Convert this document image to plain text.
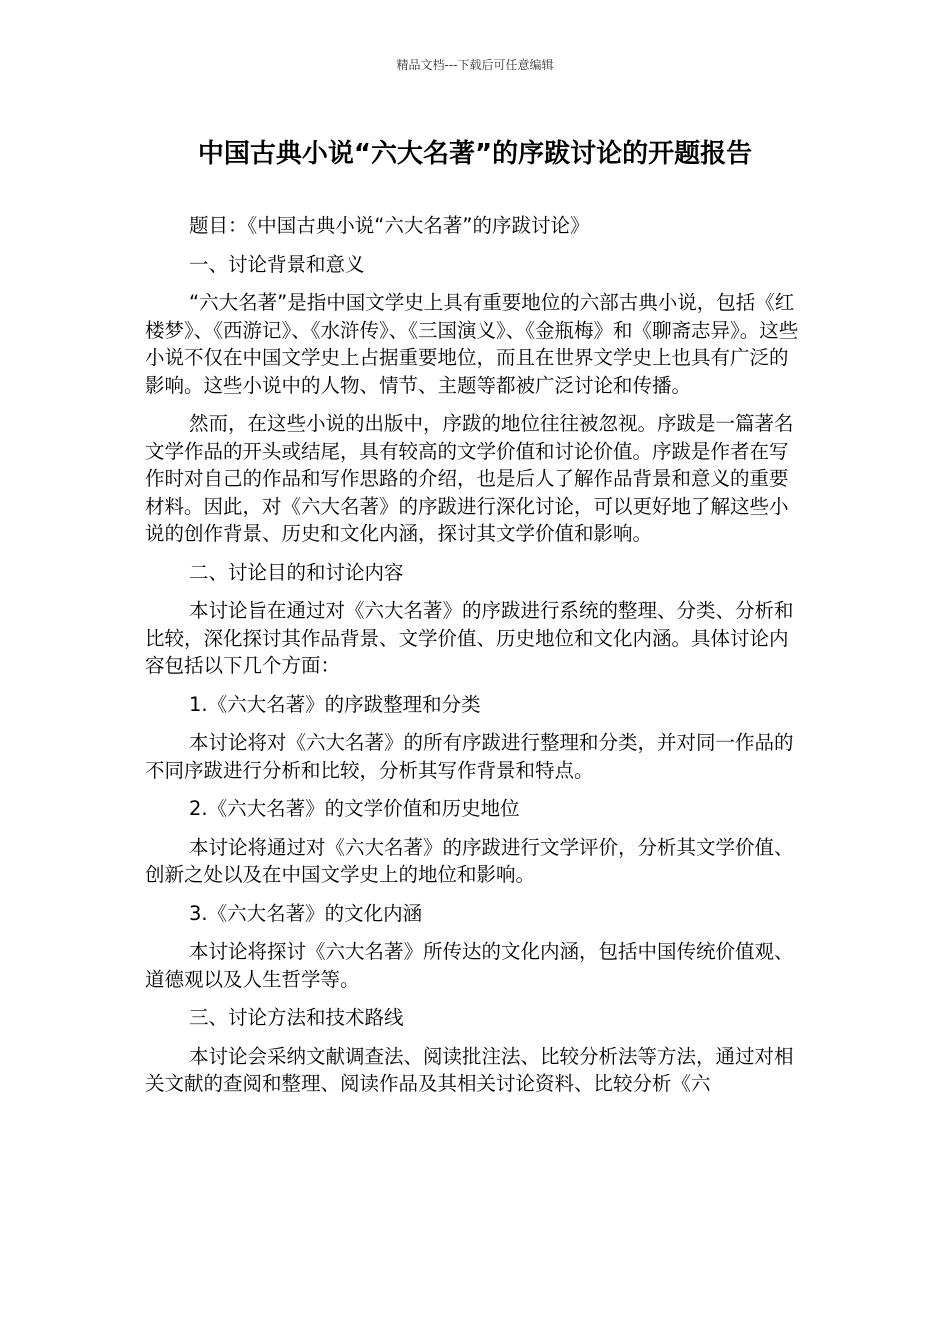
精品文档---下载后可任意编辑
中国古典小说“六大名著”的序跋讨论的开题报告

题目：《中国古典小说“六大名著”的序跋讨论》

一、讨论背景和意义

“六大名著”是指中国文学史上具有重要地位的六部古典小说，包括《红楼梦》、《西游记》、《水浒传》、《三国演义》、《金瓶梅》和《聊斋志异》。这些小说不仅在中国文学史上占据重要地位，而且在世界文学史上也具有广泛的影响。这些小说中的人物、情节、主题等都被广泛讨论和传播。

然而，在这些小说的出版中，序跋的地位往往被忽视。序跋是一篇著名文学作品的开头或结尾，具有较高的文学价值和讨论价值。序跋是作者在写作时对自己的作品和写作思路的介绍，也是后人了解作品背景和意义的重要材料。因此，对《六大名著》的序跋进行深化讨论，可以更好地了解这些小说的创作背景、历史和文化内涵，探讨其文学价值和影响。

二、讨论目的和讨论内容

本讨论旨在通过对《六大名著》的序跋进行系统的整理、分类、分析和比较，深化探讨其作品背景、文学价值、历史地位和文化内涵。具体讨论内容包括以下几个方面：

1.《六大名著》的序跋整理和分类

本讨论将对《六大名著》的所有序跋进行整理和分类，并对同一作品的不同序跋进行分析和比较，分析其写作背景和特点。

2.《六大名著》的文学价值和历史地位

本讨论将通过对《六大名著》的序跋进行文学评价，分析其文学价值、创新之处以及在中国文学史上的地位和影响。

3.《六大名著》的文化内涵

本讨论将探讨《六大名著》所传达的文化内涵，包括中国传统价值观、道德观以及人生哲学等。

三、讨论方法和技术路线

本讨论会采纳文献调查法、阅读批注法、比较分析法等方法，通过对相关文献的查阅和整理、阅读作品及其相关讨论资料、比较分析《六
